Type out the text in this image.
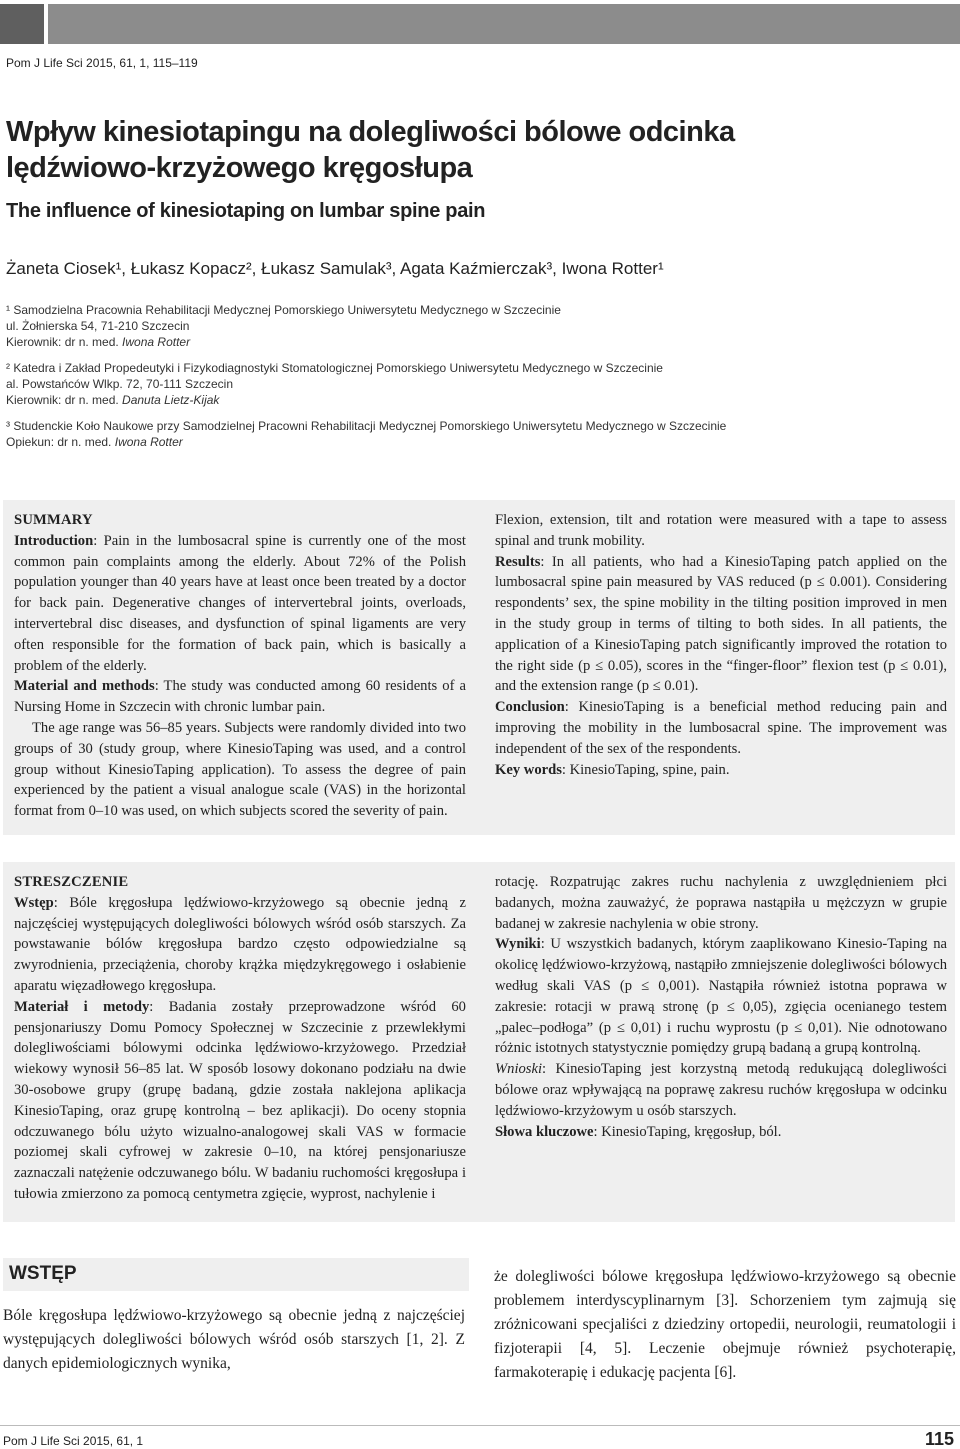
Pom J Life Sci 2015, 61, 1, 115–119
Wpływ kinesiotapingu na dolegliwości bólowe odcinka lędźwiowo-krzyżowego kręgosłupa
The influence of kinesiotaping on lumbar spine pain
Żaneta Ciosek¹, Łukasz Kopacz², Łukasz Samulak³, Agata Kaźmierczak³, Iwona Rotter¹
¹ Samodzielna Pracownia Rehabilitacji Medycznej Pomorskiego Uniwersytetu Medycznego w Szczecinie
ul. Żołnierska 54, 71-210 Szczecin
Kierownik: dr n. med. Iwona Rotter
² Katedra i Zakład Propedeutyki i Fizykodiagnostyki Stomatologicznej Pomorskiego Uniwersytetu Medycznego w Szczecinie
al. Powstańców Wlkp. 72, 70-111 Szczecin
Kierownik: dr n. med. Danuta Lietz-Kijak
³ Studenckie Koło Naukowe przy Samodzielnej Pracowni Rehabilitacji Medycznej Pomorskiego Uniwersytetu Medycznego w Szczecinie
Opiekun: dr n. med. Iwona Rotter
SUMMARY

Introduction: Pain in the lumbosacral spine is currently one of the most common pain complaints among the elderly. About 72% of the Polish population younger than 40 years have at least once been treated by a doctor for back pain. Degenerative changes of intervertebral joints, overloads, intervertebral disc diseases, and dysfunction of spinal ligaments are very often responsible for the formation of back pain, which is basically a problem of the elderly.

Material and methods: The study was conducted among 60 residents of a Nursing Home in Szczecin with chronic lumbar pain.

The age range was 56–85 years. Subjects were randomly divided into two groups of 30 (study group, where KinesioTaping was used, and a control group without KinesioTaping application). To assess the degree of pain experienced by the patient a visual analogue scale (VAS) in the horizontal format from 0–10 was used, on which subjects scored the severity of pain.

Flexion, extension, tilt and rotation were measured with a tape to assess spinal and trunk mobility.

Results: In all patients, who had a KinesioTaping patch applied on the lumbosacral spine pain measured by VAS reduced (p ≤ 0.001). Considering respondents’ sex, the spine mobility in the tilting position improved in men in the study group in terms of tilting to both sides. In all patients, the application of a KinesioTaping patch significantly improved the rotation to the right side (p ≤ 0.05), scores in the “finger-floor” flexion test (p ≤ 0.01), and the extension range (p ≤ 0.01).

Conclusion: KinesioTaping is a beneficial method reducing pain and improving the mobility in the lumbosacral spine. The improvement was independent of the sex of the respondents.

Key words: KinesioTaping, spine, pain.

STRESZCZENIE

Wstęp: Bóle kręgosłupa lędźwiowo-krzyżowego są obecnie jedną z najczęściej występujących dolegliwości bólowych wśród osób starszych. Za powstawanie bólów kręgosłupa bardzo często odpowiedzialne są zwyrodnienia, przeciążenia, choroby krążka międzykręgowego i osłabienie aparatu więzadłowego kręgosłupa.

Materiał i metody: Badania zostały przeprowadzone wśród 60 pensjonariuszy Domu Pomocy Społecznej w Szczecinie z przewlekłymi dolegliwościami bólowymi odcinka lędźwiowo-krzyżowego. Przedział wiekowy wynosił 56–85 lat. W sposób losowy dokonano podziału na dwie 30-osobowe grupy (grupę badaną, gdzie została naklejona aplikacja KinesioTaping, oraz grupę kontrolną – bez aplikacji). Do oceny stopnia odczuwanego bólu użyto wizualno-analogowej skali VAS w formacie poziomej skali cyfrowej w zakresie 0–10, na której pensjonariusze zaznaczali natężenie odczuwanego bólu. W badaniu ruchomości kręgosłupa i tułowia zmierzono za pomocą centymetra zgięcie, wyprost, nachylenie i

rotację. Rozpatrując zakres ruchu nachylenia z uwzględnieniem płci badanych, można zauważyć, że poprawa nastąpiła u mężczyzn w grupie badanej w zakresie nachylenia w obie strony.

Wyniki: U wszystkich badanych, którym zaaplikowano Kinesio-Taping na okolicę lędźwiowo-krzyżową, nastąpiło zmniejszenie dolegliwości bólowych według skali VAS (p ≤ 0,001). Nastąpiła również istotna poprawa w zakresie: rotacji w prawą stronę (p ≤ 0,05), zgięcia ocenianego testem „palec–podłoga” (p ≤ 0,01) i ruchu wyprostu (p ≤ 0,01). Nie odnotowano różnic istotnych statystycznie pomiędzy grupą badaną a grupą kontrolną.

Wnioski: KinesioTaping jest korzystną metodą redukującą dolegliwości bólowe oraz wpływającą na poprawę zakresu ruchów kręgosłupa w odcinku lędźwiowo-krzyżowym u osób starszych.

Słowa kluczowe: KinesioTaping, kręgosłup, ból.

WSTĘP

Bóle kręgosłupa lędźwiowo-krzyżowego są obecnie jedną z najczęściej występujących dolegliwości bólowych wśród osób starszych [1, 2]. Z danych epidemiologicznych wynika,

że dolegliwości bólowe kręgosłupa lędźwiowo-krzyżowego są obecnie problemem interdyscyplinarnym [3]. Schorzeniem tym zajmują się zróżnicowani specjaliści z dziedziny ortopedii, neurologii, reumatologii i fizjoterapii [4, 5]. Leczenie obejmuje również psychoterapię, farmakoterapię i edukację pacjenta [6].

Pom J Life Sci 2015, 61, 1	115
